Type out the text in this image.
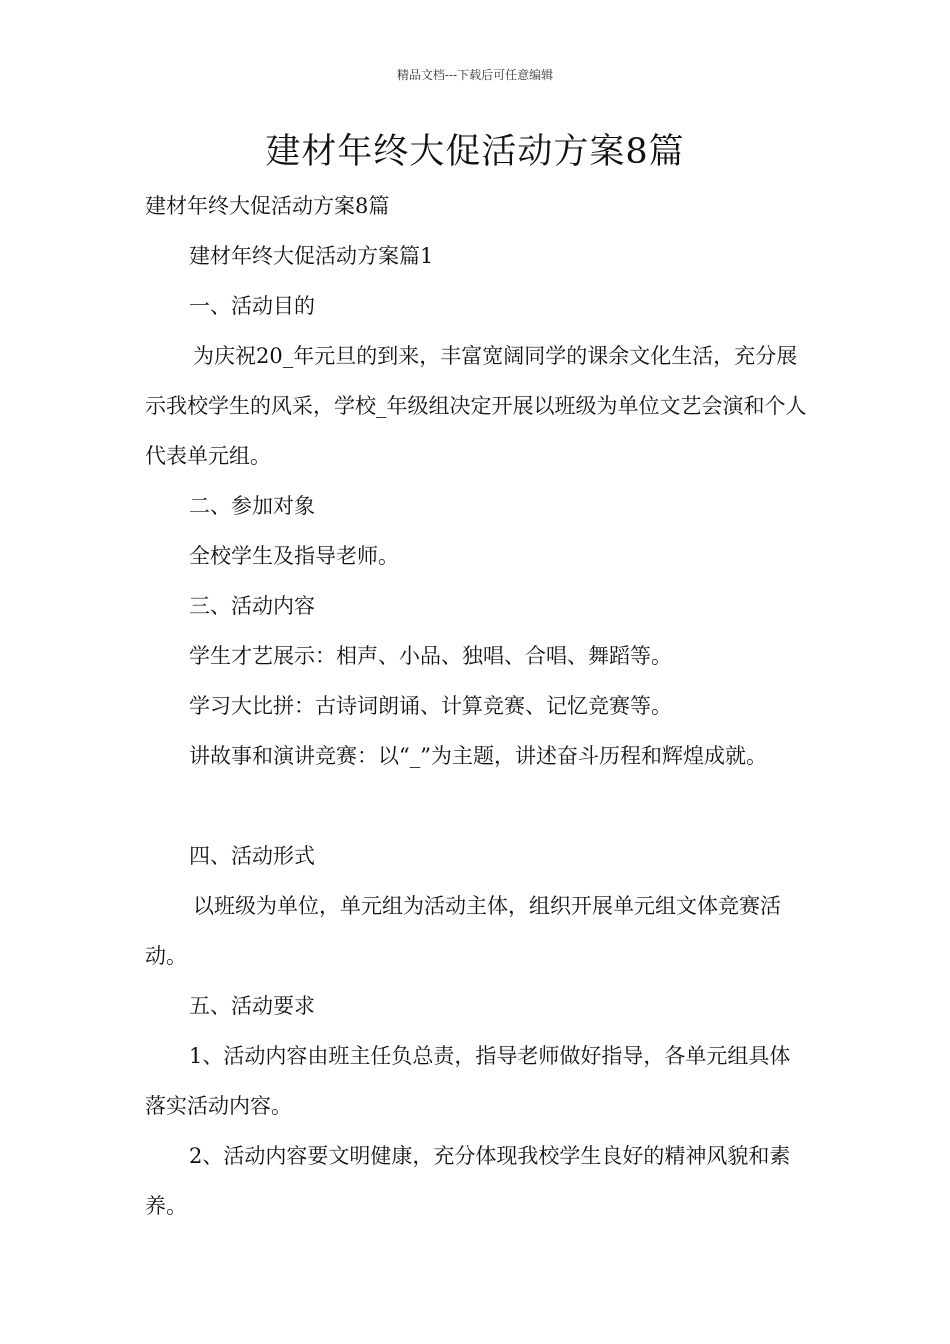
精品文档---下载后可任意编辑
建材年终大促活动方案8篇

建材年终大促活动方案8篇

建材年终大促活动方案篇1

一、活动目的

为庆祝20_年元旦的到来，丰富宽阔同学的课余文化生活，充分展示我校学生的风采，学校_年级组决定开展以班级为单位文艺会演和个人代表单元组。

二、参加对象

全校学生及指导老师。

三、活动内容

学生才艺展示：相声、小品、独唱、合唱、舞蹈等。

学习大比拼：古诗词朗诵、计算竞赛、记忆竞赛等。

讲故事和演讲竞赛：以“_”为主题，讲述奋斗历程和辉煌成就。

四、活动形式

以班级为单位，单元组为活动主体，组织开展单元组文体竞赛活动。

五、活动要求

1、活动内容由班主任负总责，指导老师做好指导，各单元组具体落实活动内容。

2、活动内容要文明健康，充分体现我校学生良好的精神风貌和素养。
